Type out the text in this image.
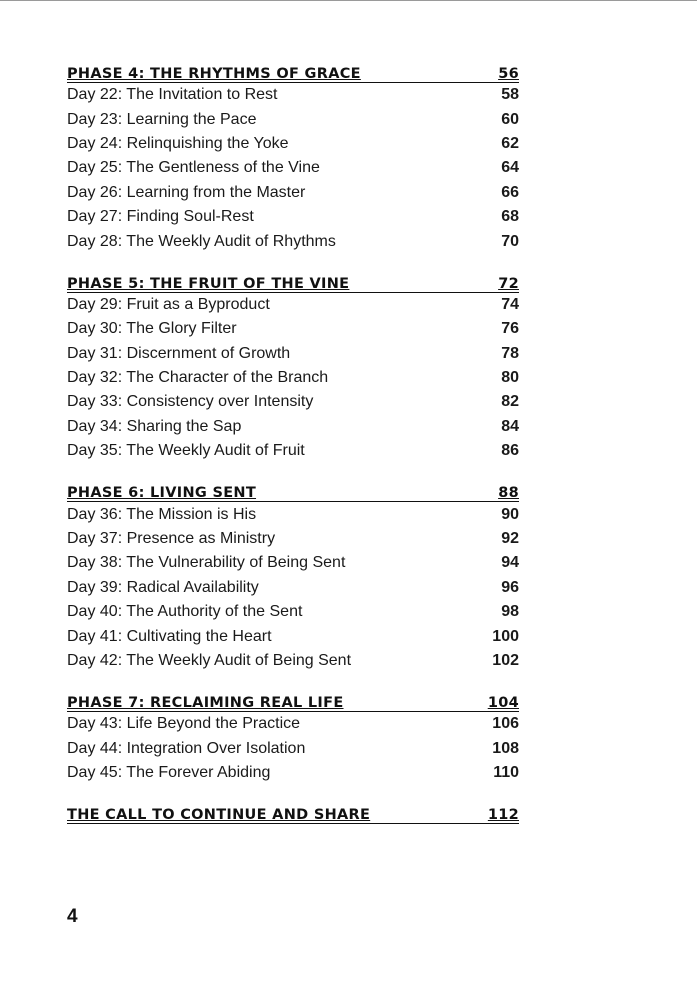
PHASE 4: THE RHYTHMS OF GRACE	56
Day 22: The Invitation to Rest	58
Day 23: Learning the Pace	60
Day 24: Relinquishing the Yoke	62
Day 25: The Gentleness of the Vine	64
Day 26: Learning from the Master	66
Day 27: Finding Soul-Rest	68
Day 28: The Weekly Audit of Rhythms	70
PHASE 5: THE FRUIT OF THE VINE	72
Day 29: Fruit as a Byproduct	74
Day 30: The Glory Filter	76
Day 31: Discernment of Growth	78
Day 32: The Character of the Branch	80
Day 33: Consistency over Intensity	82
Day 34: Sharing the Sap	84
Day 35: The Weekly Audit of Fruit	86
PHASE 6: LIVING SENT	88
Day 36: The Mission is His	90
Day 37: Presence as Ministry	92
Day 38: The Vulnerability of Being Sent	94
Day 39: Radical Availability	96
Day 40: The Authority of the Sent	98
Day 41: Cultivating the Heart	100
Day 42: The Weekly Audit of Being Sent	102
PHASE 7: RECLAIMING REAL LIFE	104
Day 43: Life Beyond the Practice	106
Day 44: Integration Over Isolation	108
Day 45: The Forever Abiding	110
THE CALL TO CONTINUE AND SHARE	112
4
